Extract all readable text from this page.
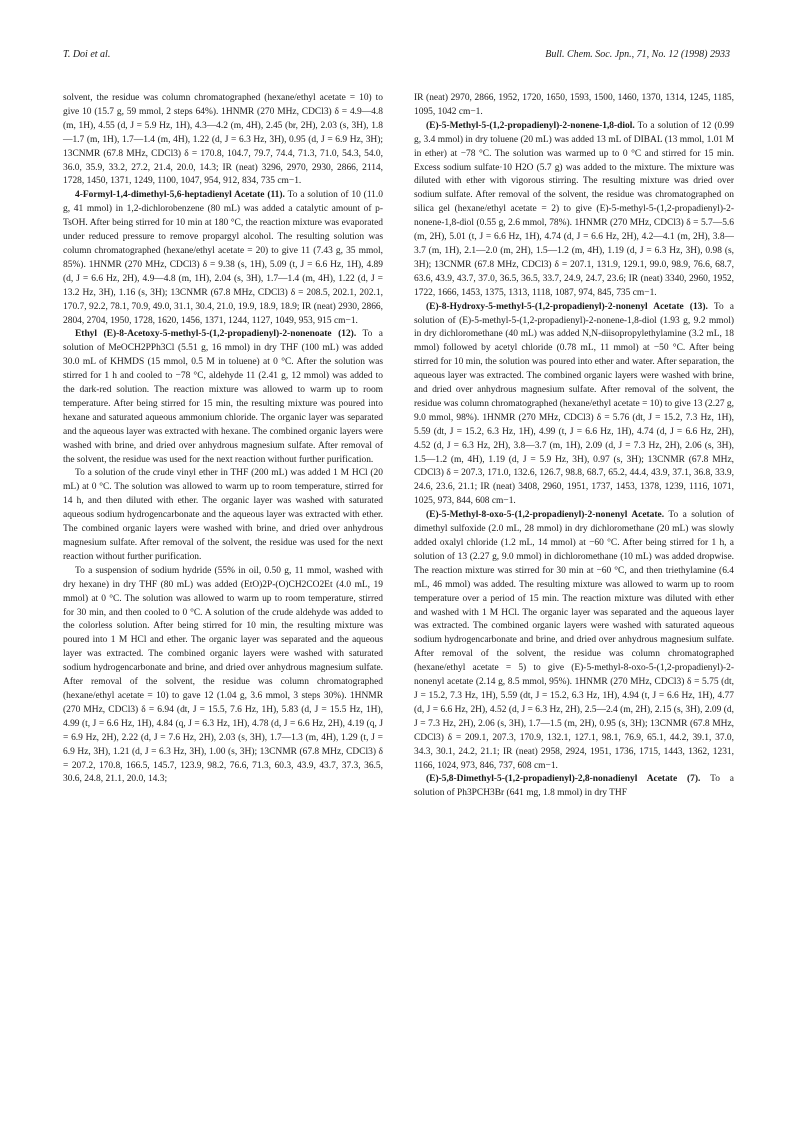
T. Doi et al.	Bull. Chem. Soc. Jpn., 71, No. 12 (1998) 2933

solvent, the residue was column chromatographed (hexane/ethyl acetate = 10) to give 10 (15.7 g, 59 mmol, 2 steps 64%). 1HNMR (270 MHz, CDCl3) δ = 4.9—4.8 (m, 1H), 4.55 (d, J = 5.9 Hz, 1H), 4.3—4.2 (m, 4H), 2.45 (br, 2H), 2.03 (s, 3H), 1.8—1.7 (m, 1H), 1.7—1.4 (m, 4H), 1.22 (d, J = 6.3 Hz, 3H), 0.95 (d, J = 6.9 Hz, 3H); 13CNMR (67.8 MHz, CDCl3) δ = 170.8, 104.7, 79.7, 74.4, 71.3, 71.0, 54.3, 54.0, 36.0, 35.9, 33.2, 27.2, 21.4, 20.0, 14.3; IR (neat) 3296, 2970, 2930, 2866, 2114, 1728, 1450, 1371, 1249, 1100, 1047, 954, 912, 834, 735 cm−1.

4-Formyl-1,4-dimethyl-5,6-heptadienyl Acetate (11). To a solution of 10 (11.0 g, 41 mmol) in 1,2-dichlorobenzene (80 mL) was added a catalytic amount of p-TsOH. After being stirred for 10 min at 180 °C, the reaction mixture was evaporated under reduced pressure to remove propargyl alcohol. The resulting solution was column chromatographed (hexane/ethyl acetate = 20) to give 11 (7.43 g, 35 mmol, 85%). 1HNMR (270 MHz, CDCl3) δ = 9.38 (s, 1H), 5.09 (t, J = 6.6 Hz, 1H), 4.89 (d, J = 6.6 Hz, 2H), 4.9—4.8 (m, 1H), 2.04 (s, 3H), 1.7—1.4 (m, 4H), 1.22 (d, J = 13.2 Hz, 3H), 1.16 (s, 3H); 13CNMR (67.8 MHz, CDCl3) δ = 208.5, 202.1, 202.1, 170.7, 92.2, 78.1, 70.9, 49.0, 31.1, 30.4, 21.0, 19.9, 18.9, 18.9; IR (neat) 2930, 2866, 2804, 2704, 1950, 1728, 1620, 1456, 1371, 1244, 1127, 1049, 953, 915 cm−1.

Ethyl (E)-8-Acetoxy-5-methyl-5-(1,2-propadienyl)-2-nonenoate (12). To a solution of MeOCH2PPh3Cl (5.51 g, 16 mmol) in dry THF (100 mL) was added 30.0 mL of KHMDS (15 mmol, 0.5 M in toluene) at 0 °C. After the solution was stirred for 1 h and cooled to −78 °C, aldehyde 11 (2.41 g, 12 mmol) was added to the dark-red solution. The reaction mixture was allowed to warm up to room temperature. After being stirred for 15 min, the resulting mixture was poured into hexane and saturated aqueous ammonium chloride. The organic layer was separated and the aqueous layer was extracted with hexane. The combined organic layers were washed with brine, and dried over anhydrous magnesium sulfate. After removal of the solvent, the residue was used for the next reaction without further purification.

To a solution of the crude vinyl ether in THF (200 mL) was added 1 M HCl (20 mL) at 0 °C. The solution was allowed to warm up to room temperature, stirred for 14 h, and then diluted with ether. The organic layer was washed with saturated aqueous sodium hydrogencarbonate and the aqueous layer was extracted with ether. The combined organic layers were washed with brine, and dried over anhydrous magnesium sulfate. After removal of the solvent, the residue was used for the next reaction without further purification.

To a suspension of sodium hydride (55% in oil, 0.50 g, 11 mmol, washed with dry hexane) in dry THF (80 mL) was added (EtO)2P-(O)CH2CO2Et (4.0 mL, 19 mmol) at 0 °C. The solution was allowed to warm up to room temperature, stirred for 30 min, and then cooled to 0 °C. A solution of the crude aldehyde was added to the colorless solution. After being stirred for 10 min, the resulting mixture was poured into 1 M HCl and ether. The organic layer was separated and the aqueous layer was extracted. The combined organic layers were washed with saturated sodium hydrogencarbonate and brine, and dried over anhydrous magnesium sulfate. After removal of the solvent, the residue was column chromatographed (hexane/ethyl acetate = 10) to gave 12 (1.04 g, 3.6 mmol, 3 steps 30%). 1HNMR (270 MHz, CDCl3) δ = 6.94 (dt, J = 15.5, 7.6 Hz, 1H), 5.83 (d, J = 15.5 Hz, 1H), 4.99 (t, J = 6.6 Hz, 1H), 4.84 (q, J = 6.3 Hz, 1H), 4.78 (d, J = 6.6 Hz, 2H), 4.19 (q, J = 6.9 Hz, 2H), 2.22 (d, J = 7.6 Hz, 2H), 2.03 (s, 3H), 1.7—1.3 (m, 4H), 1.29 (t, J = 6.9 Hz, 3H), 1.21 (d, J = 6.3 Hz, 3H), 1.00 (s, 3H); 13CNMR (67.8 MHz, CDCl3) δ = 207.2, 170.8, 166.5, 145.7, 123.9, 98.2, 76.6, 71.3, 60.3, 43.9, 43.7, 37.3, 36.5, 30.6, 24.8, 21.1, 20.0, 14.3;

IR (neat) 2970, 2866, 1952, 1720, 1650, 1593, 1500, 1460, 1370, 1314, 1245, 1185, 1095, 1042 cm−1.

(E)-5-Methyl-5-(1,2-propadienyl)-2-nonene-1,8-diol. To a solution of 12 (0.99 g, 3.4 mmol) in dry toluene (20 mL) was added 13 mL of DIBAL (13 mmol, 1.01 M in ether) at −78 °C. The solution was warmed up to 0 °C and stirred for 15 min. Excess sodium sulfate·10 H2O (5.7 g) was added to the mixture. The mixture was diluted with ether with vigorous stirring. The resulting mixture was dried over sodium sulfate. After removal of the solvent, the residue was chromatographed on silica gel (hexane/ethyl acetate = 2) to give (E)-5-methyl-5-(1,2-propadienyl)-2-nonene-1,8-diol (0.55 g, 2.6 mmol, 78%). 1HNMR (270 MHz, CDCl3) δ = 5.7—5.6 (m, 2H), 5.01 (t, J = 6.6 Hz, 1H), 4.74 (d, J = 6.6 Hz, 2H), 4.2—4.1 (m, 2H), 3.8—3.7 (m, 1H), 2.1—2.0 (m, 2H), 1.5—1.2 (m, 4H), 1.19 (d, J = 6.3 Hz, 3H), 0.98 (s, 3H); 13CNMR (67.8 MHz, CDCl3) δ = 207.1, 131.9, 129.1, 99.0, 98.9, 76.6, 68.7, 63.6, 43.9, 43.7, 37.0, 36.5, 36.5, 33.7, 24.9, 24.7, 23.6; IR (neat) 3340, 2960, 1952, 1722, 1666, 1453, 1375, 1313, 1118, 1087, 974, 845, 735 cm−1.

(E)-8-Hydroxy-5-methyl-5-(1,2-propadienyl)-2-nonenyl Acetate (13). To a solution of (E)-5-methyl-5-(1,2-propadienyl)-2-nonene-1,8-diol (1.93 g, 9.2 mmol) in dry dichloromethane (40 mL) was added N,N-diisopropylethylamine (3.2 mL, 18 mmol) followed by acetyl chloride (0.78 mL, 11 mmol) at −50 °C. After being stirred for 10 min, the solution was poured into ether and water. After separation, the aqueous layer was extracted. The combined organic layers were washed with brine, and dried over anhydrous magnesium sulfate. After removal of the solvent, the residue was column chromatographed (hexane/ethyl acetate = 10) to give 13 (2.27 g, 9.0 mmol, 98%). 1HNMR (270 MHz, CDCl3) δ = 5.76 (dt, J = 15.2, 7.3 Hz, 1H), 5.59 (dt, J = 15.2, 6.3 Hz, 1H), 4.99 (t, J = 6.6 Hz, 1H), 4.74 (d, J = 6.6 Hz, 2H), 4.52 (d, J = 6.3 Hz, 2H), 3.8—3.7 (m, 1H), 2.09 (d, J = 7.3 Hz, 2H), 2.06 (s, 3H), 1.5—1.2 (m, 4H), 1.19 (d, J = 5.9 Hz, 3H), 0.97 (s, 3H); 13CNMR (67.8 MHz, CDCl3) δ = 207.3, 171.0, 132.6, 126.7, 98.8, 68.7, 65.2, 44.4, 43.9, 37.1, 36.8, 33.9, 24.6, 23.6, 21.1; IR (neat) 3408, 2960, 1951, 1737, 1453, 1378, 1239, 1116, 1071, 1025, 973, 844, 608 cm−1.

(E)-5-Methyl-8-oxo-5-(1,2-propadienyl)-2-nonenyl Acetate. To a solution of dimethyl sulfoxide (2.0 mL, 28 mmol) in dry dichloromethane (20 mL) was slowly added oxalyl chloride (1.2 mL, 14 mmol) at −60 °C. After being stirred for 1 h, a solution of 13 (2.27 g, 9.0 mmol) in dichloromethane (10 mL) was added dropwise. The reaction mixture was stirred for 30 min at −60 °C, and then triethylamine (6.4 mL, 46 mmol) was added. The resulting mixture was allowed to warm up to room temperature over a period of 15 min. The reaction mixture was diluted with ether and washed with 1 M HCl. The organic layer was separated and the aqueous layer was extracted. The combined organic layers were washed with saturated aqueous sodium hydrogencarbonate and brine, and dried over anhydrous magnesium sulfate. After removal of the solvent, the residue was column chromatographed (hexane/ethyl acetate = 5) to give (E)-5-methyl-8-oxo-5-(1,2-propadienyl)-2-nonenyl acetate (2.14 g, 8.5 mmol, 95%). 1HNMR (270 MHz, CDCl3) δ = 5.75 (dt, J = 15.2, 7.3 Hz, 1H), 5.59 (dt, J = 15.2, 6.3 Hz, 1H), 4.94 (t, J = 6.6 Hz, 1H), 4.77 (d, J = 6.6 Hz, 2H), 4.52 (d, J = 6.3 Hz, 2H), 2.5—2.4 (m, 2H), 2.15 (s, 3H), 2.09 (d, J = 7.3 Hz, 2H), 2.06 (s, 3H), 1.7—1.5 (m, 2H), 0.95 (s, 3H); 13CNMR (67.8 MHz, CDCl3) δ = 209.1, 207.3, 170.9, 132.1, 127.1, 98.1, 76.9, 65.1, 44.2, 39.1, 37.0, 34.3, 30.1, 24.2, 21.1; IR (neat) 2958, 2924, 1951, 1736, 1715, 1443, 1362, 1231, 1166, 1024, 973, 846, 737, 608 cm−1.

(E)-5,8-Dimethyl-5-(1,2-propadienyl)-2,8-nonadienyl Acetate (7). To a solution of Ph3PCH3Br (641 mg, 1.8 mmol) in dry THF
